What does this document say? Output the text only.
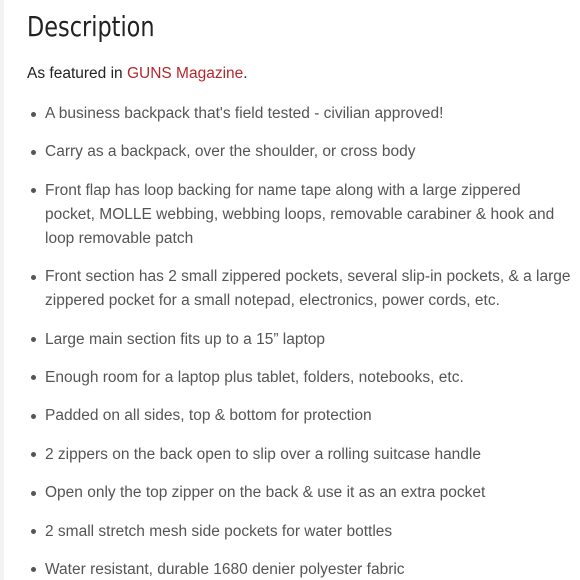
Description

As featured in GUNS Magazine.

A business backpack that's field tested - civilian approved!
Carry as a backpack, over the shoulder, or cross body
Front flap has loop backing for name tape along with a large zippered pocket, MOLLE webbing, webbing loops, removable carabiner & hook and loop removable patch
Front section has 2 small zippered pockets, several slip-in pockets, & a large zippered pocket for a small notepad, electronics, power cords, etc.
Large main section fits up to a 15” laptop
Enough room for a laptop plus tablet, folders, notebooks, etc.
Padded on all sides, top & bottom for protection
2 zippers on the back open to slip over a rolling suitcase handle
Open only the top zipper on the back & use it as an extra pocket
2 small stretch mesh side pockets for water bottles
Water resistant, durable 1680 denier polyester fabric
